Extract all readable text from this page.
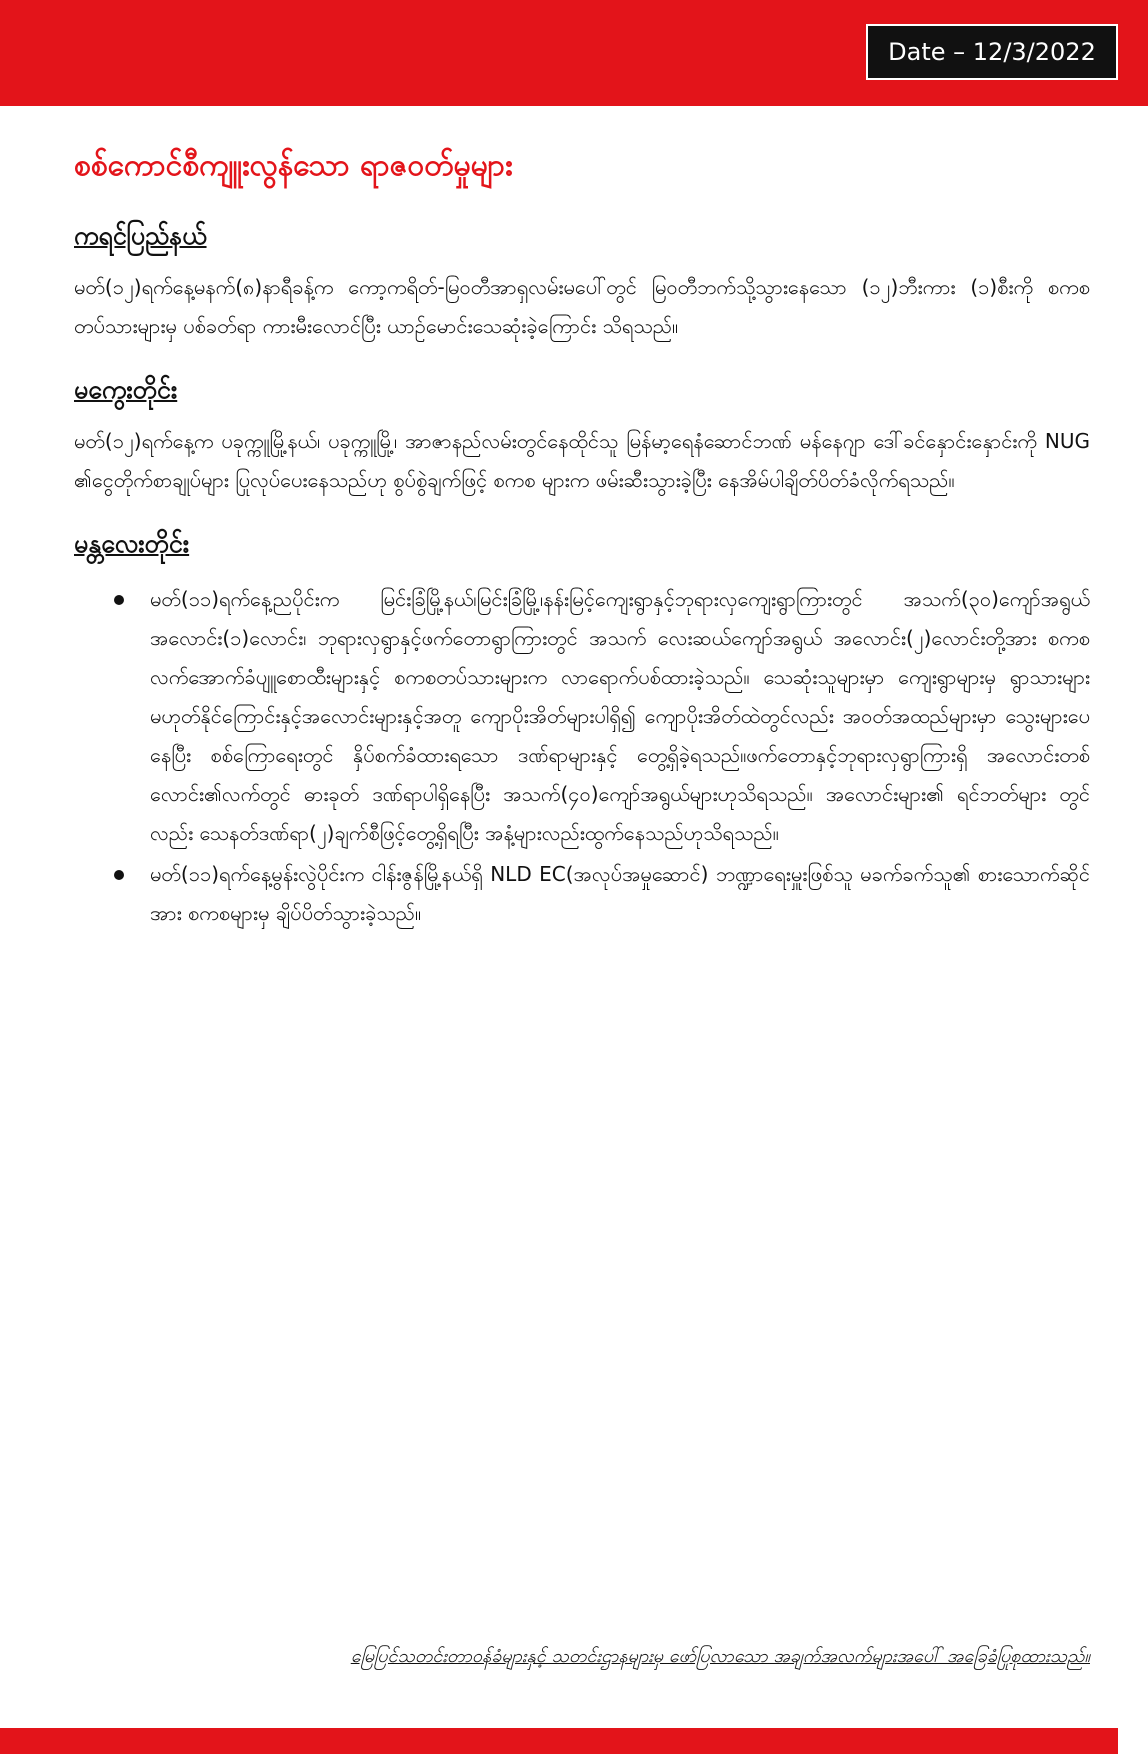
Date – 12/3/2022
စစ်ကောင်စီကျူးလွန်သော ရာဇဝတ်မှုများ
ကရင်ပြည်နယ်

မတ်(၁၂)ရက်နေ့မနက်(၈)နာရီခန့်က ကော့ကရိတ်-မြဝတီအာရှလမ်းမပေါ်တွင် မြဝတီဘက်သို့သွားနေသော (၁၂)ဘီးကား (၁)စီးကို စကစတပ်သားများမှ ပစ်ခတ်ရာ ကားမီးလောင်ပြီး ယာဉ်မောင်းသေဆုံးခဲ့ကြောင်း သိရသည်။

မကွေးတိုင်း

မတ်(၁၂)ရက်နေ့က ပခုက္ကူမြို့နယ်၊ ပခုက္ကူမြို့၊ အာဇာနည်လမ်းတွင်နေထိုင်သူ မြန်မာ့ရေနံဆောင်ဘဏ် မန်နေဂျာ ဒေါ်ခင်နှောင်းနှောင်းကို NUG ၏ငွေတိုက်စာချုပ်များ ပြုလုပ်ပေးနေသည်ဟု စွပ်စွဲချက်ဖြင့် စကစ များက ဖမ်းဆီးသွားခဲ့ပြီး နေအိမ်ပါချိတ်ပိတ်ခံလိုက်ရသည်။

မန္တလေးတိုင်း
မတ်(၁၁)ရက်နေ့ညပိုင်းက မြင်းခြံမြို့နယ်၊မြင်းခြံမြို့၊နန်းမြင့်ကျေးရွာနှင့်ဘုရားလှကျေးရွာကြားတွင် အသက်(၃၀)ကျော်အရွယ် အလောင်း(၁)လောင်း၊ ဘုရားလှရွာနှင့်ဖက်တောရွာကြားတွင် အသက် လေးဆယ်ကျော်အရွယ် အလောင်း(၂)လောင်းတို့အား စကစလက်အောက်ခံပျူစောထီးများနှင့် စကစတပ်သားများက လာရောက်ပစ်ထားခဲ့သည်။ သေဆုံးသူများမှာ ကျေးရွာများမှ ရွာသားများ မဟုတ်နိုင်ကြောင်းနှင့်အလောင်းများနှင့်အတူ ကျောပိုးအိတ်များပါရှိ၍ ကျောပိုးအိတ်ထဲတွင်လည်း အဝတ်အထည်များမှာ သွေးများပေနေပြီး စစ်ကြောရေးတွင် နှိပ်စက်ခံထားရသော ဒဏ်ရာများနှင့် တွေ့ရှိခဲ့ရသည်။ဖက်တောနှင့်ဘုရားလှရွာကြားရှိ အလောင်းတစ်လောင်း၏လက်တွင် ဓားခုတ် ဒဏ်ရာပါရှိနေပြီး အသက်(၄၀)ကျော်အရွယ်များဟုသိရသည်။ အလောင်းများ၏ ရင်ဘတ်များ တွင်လည်း သေနတ်ဒဏ်ရာ(၂)ချက်စီဖြင့်တွေ့ရှိရပြီး အနံ့များလည်းထွက်နေသည်ဟုသိရသည်။
မတ်(၁၁)ရက်နေ့မွန်းလွဲပိုင်းက ငါန်းဇွန်မြို့နယ်ရှိ NLD EC(အလုပ်အမှုဆောင်) ဘဏ္ဍာရေးမှူးဖြစ်သူ မခက်ခက်သူ၏ စားသောက်ဆိုင်အား စကစများမှ ချိပ်ပိတ်သွားခဲ့သည်။
မြေပြင်သတင်းတာဝန်ခံများနှင့် သတင်းဌာနများမှ ဖော်ပြလာသော အချက်အလက်များအပေါ် အခြေခံပြုစုထားသည်။
